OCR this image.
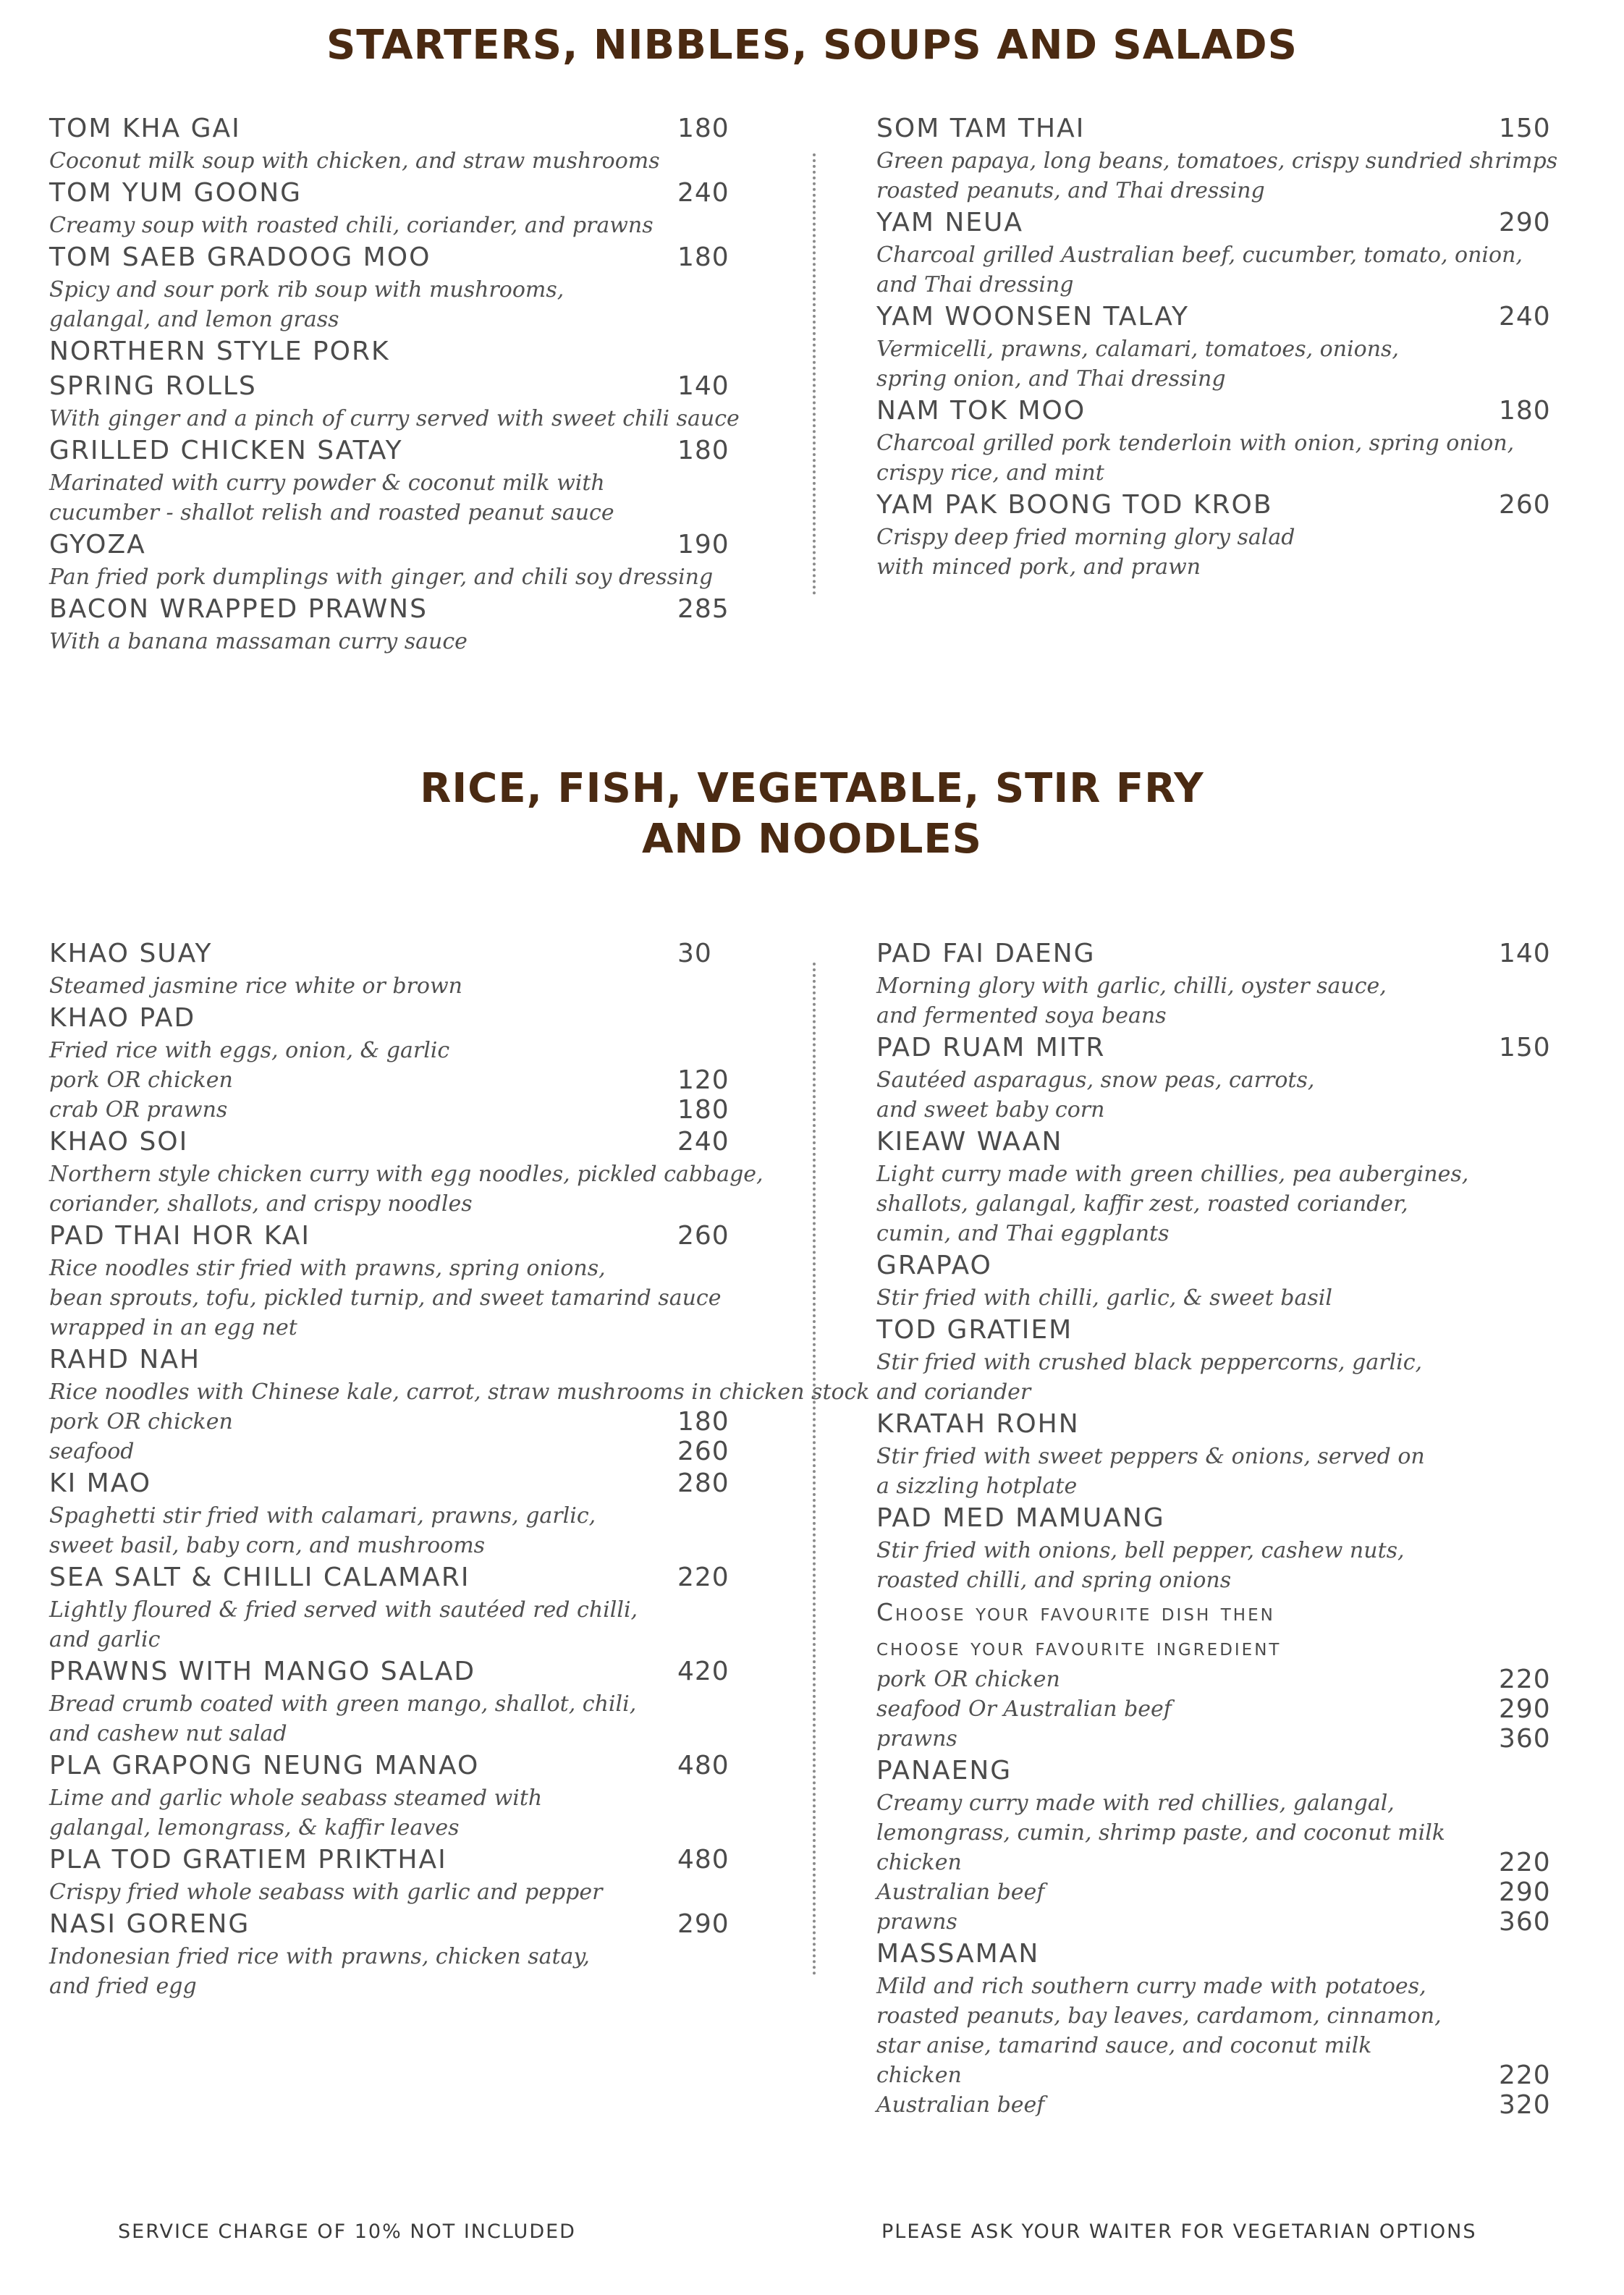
STARTERS, NIBBLES, SOUPS AND SALADS
TOM KHA GAI	180
Coconut milk soup with chicken, and straw mushrooms
TOM YUM GOONG	240
Creamy soup with roasted chili, coriander, and prawns
TOM SAEB GRADOOG MOO	180
Spicy and sour pork rib soup with mushrooms,
galangal, and lemon grass
NORTHERN STYLE PORK
SPRING ROLLS	140
With ginger and a pinch of curry served with sweet chili sauce
GRILLED CHICKEN SATAY	180
Marinated with curry powder & coconut milk with
cucumber - shallot relish and roasted peanut sauce
GYOZA	190
Pan fried pork dumplings with ginger, and chili soy dressing
BACON WRAPPED PRAWNS	285
With a banana massaman curry sauce
SOM TAM THAI	150
Green papaya, long beans, tomatoes, crispy sundried shrimps
roasted peanuts, and Thai dressing
YAM NEUA	290
Charcoal grilled Australian beef, cucumber, tomato, onion,
and Thai dressing
YAM WOONSEN TALAY	240
Vermicelli, prawns, calamari, tomatoes, onions,
spring onion, and Thai dressing
NAM TOK MOO	180
Charcoal grilled pork tenderloin with onion, spring onion,
crispy rice, and mint
YAM PAK BOONG TOD KROB	260
Crispy deep fried morning glory salad
with minced pork, and prawn
RICE, FISH, VEGETABLE, STIR FRY
AND NOODLES
KHAO SUAY	30
Steamed jasmine rice white or brown
KHAO PAD
Fried rice with eggs, onion, & garlic
pork OR chicken	120
crab OR prawns	180
KHAO SOI	240
Northern style chicken curry with egg noodles, pickled cabbage,
coriander, shallots, and crispy noodles
PAD THAI HOR KAI	260
Rice noodles stir fried with prawns, spring onions,
bean sprouts, tofu, pickled turnip, and sweet tamarind sauce
wrapped in an egg net
RAHD NAH
Rice noodles with Chinese kale, carrot, straw mushrooms in chicken stock
pork OR chicken	180
seafood	260
KI MAO	280
Spaghetti stir fried with calamari, prawns, garlic,
sweet basil, baby corn, and mushrooms
SEA SALT & CHILLI CALAMARI	220
Lightly floured & fried served with sautéed red chilli,
and garlic
PRAWNS WITH MANGO SALAD	420
Bread crumb coated with green mango, shallot, chili,
and cashew nut salad
PLA GRAPONG NEUNG MANAO	480
Lime and garlic whole seabass steamed with
galangal, lemongrass, & kaffir leaves
PLA TOD GRATIEM PRIKTHAI	480
Crispy fried whole seabass with garlic and pepper
NASI GORENG	290
Indonesian fried rice with prawns, chicken satay,
and fried egg
PAD FAI DAENG	140
Morning glory with garlic, chilli, oyster sauce,
and fermented soya beans
PAD RUAM MITR	150
Sautéed asparagus, snow peas, carrots,
and sweet baby corn
KIEAW WAAN
Light curry made with green chillies, pea aubergines,
shallots, galangal, kaffir zest, roasted coriander,
cumin, and Thai eggplants
GRAPAO
Stir fried with chilli, garlic, & sweet basil
TOD GRATIEM
Stir fried with crushed black peppercorns, garlic,
and coriander
KRATAH ROHN
Stir fried with sweet peppers & onions, served on
a sizzling hotplate
PAD MED MAMUANG
Stir fried with onions, bell pepper, cashew nuts,
roasted chilli, and spring onions
Choose your favourite dish then
choose your favourite ingredient
pork OR chicken	220
seafood Or Australian beef	290
prawns	360
PANAENG
Creamy curry made with red chillies, galangal,
lemongrass, cumin, shrimp paste, and coconut milk
chicken	220
Australian beef	290
prawns	360
MASSAMAN
Mild and rich southern curry made with potatoes,
roasted peanuts, bay leaves, cardamom, cinnamon,
star anise, tamarind sauce, and coconut milk
chicken	220
Australian beef	320
SERVICE CHARGE OF 10% NOT INCLUDED	PLEASE ASK YOUR WAITER FOR VEGETARIAN OPTIONS
